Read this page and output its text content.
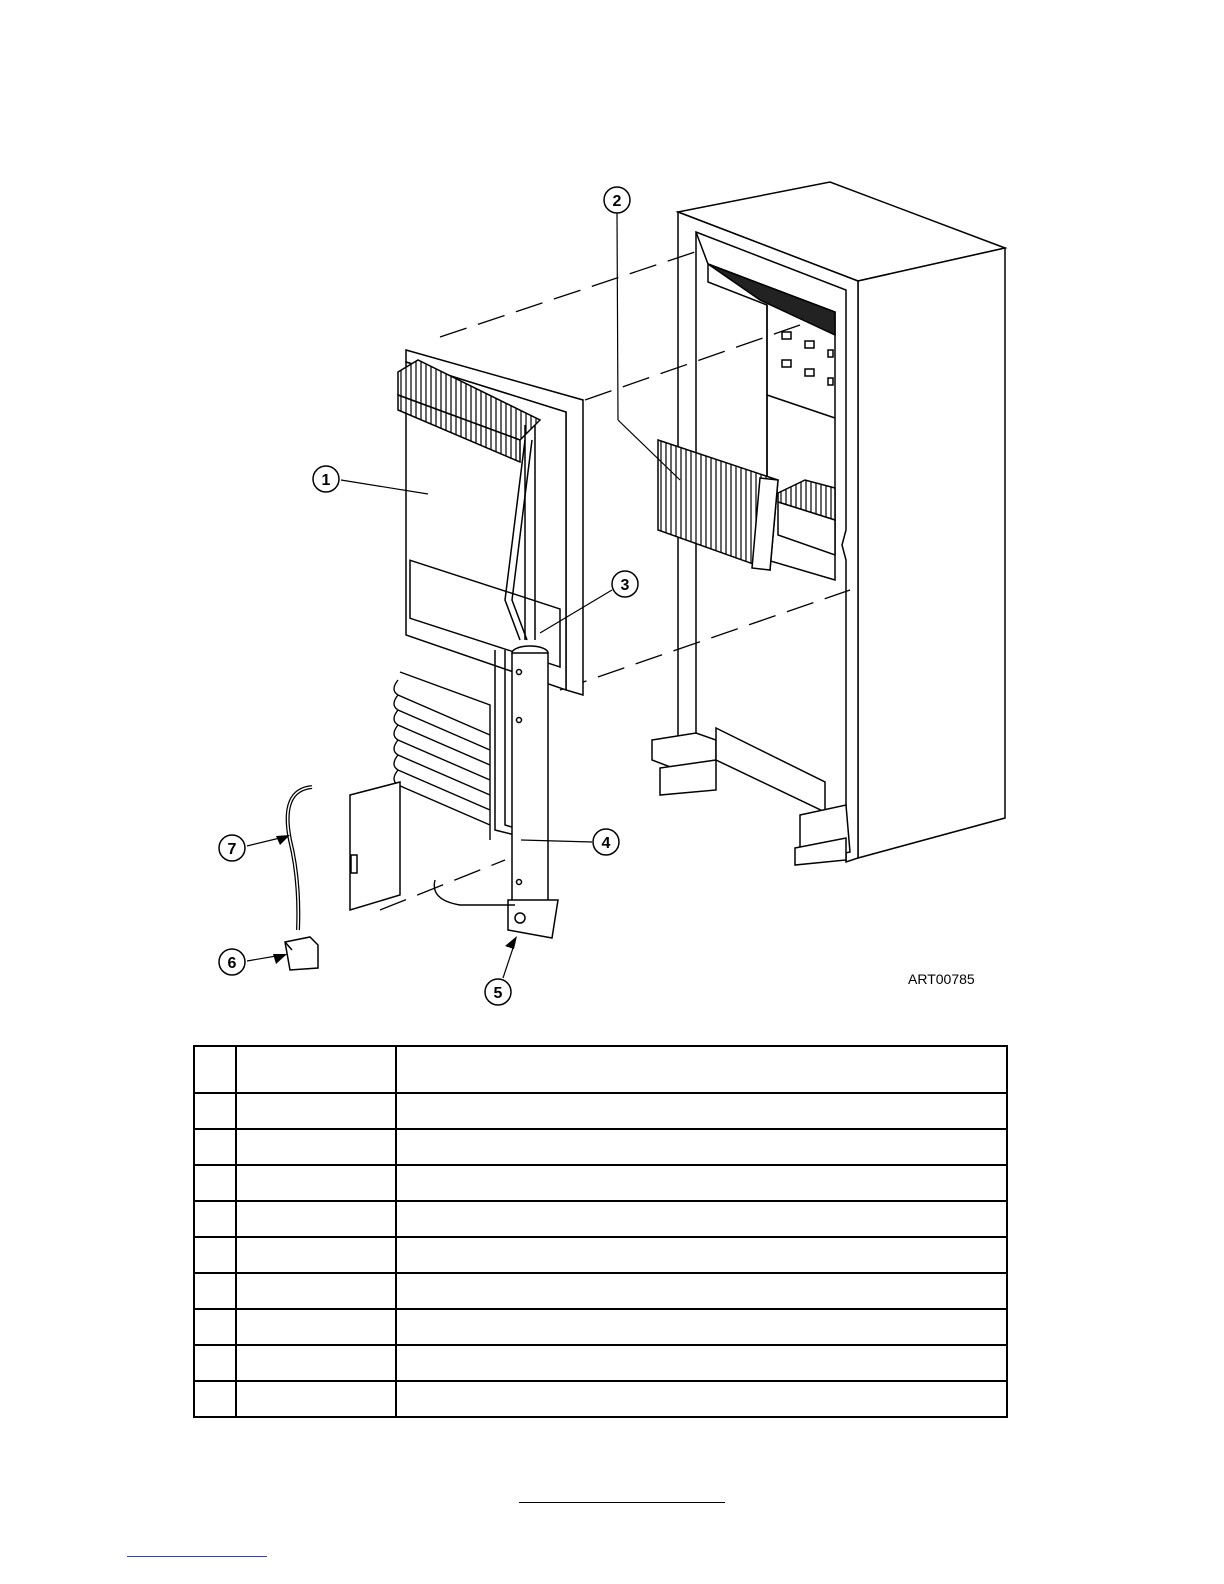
1
2
3
4
5
6
7
ART00785
